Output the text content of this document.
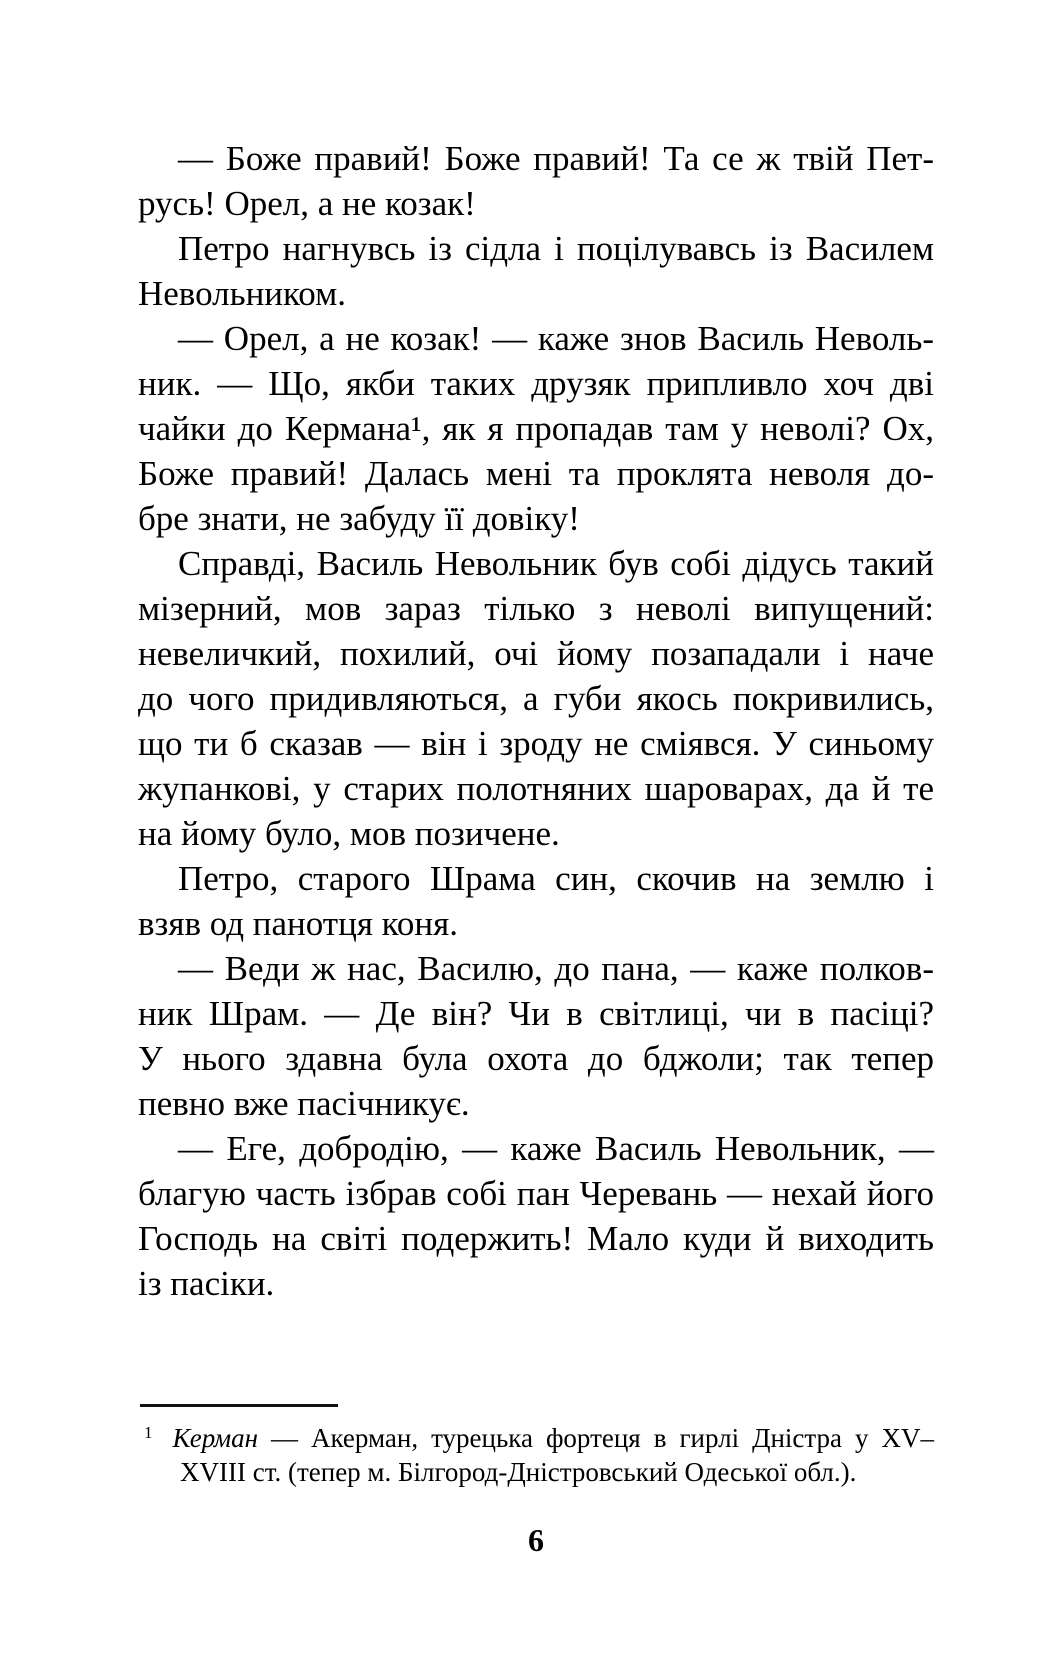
— Боже правий! Боже правий! Та се ж твій Пет-
русь! Орел, а не козак!
Петро нагнувсь із сідла і поцілувавсь із Василем
Невольником.
— Орел, а не козак! — каже знов Василь Неволь-
ник. — Що, якби таких друзяк припливло хоч дві
чайки до Кермана¹, як я пропадав там у неволі? Ох,
Боже правий! Далась мені та проклята неволя до-
бре знати, не забуду її довіку!
Справді, Василь Невольник був собі дідусь такий
мізерний, мов зараз тілько з неволі випущений:
невеличкий, похилий, очі йому позападали і наче
до чого придивляються, а губи якось покривились,
що ти б сказав — він і зроду не сміявся. У синьому
жупанкові, у старих полотняних шароварах, да й те
на йому було, мов позичене.
Петро, старого Шрама син, скочив на землю і
взяв од панотця коня.
— Веди ж нас, Василю, до пана, — каже полков-
ник Шрам. — Де він? Чи в світлиці, чи в пасіці?
У нього здавна була охота до бджоли; так тепер
певно вже пасічникує.
— Еге, добродію, — каже Василь Невольник, —
благую часть ізбрав собі пан Черевань — нехай його
Господь на світі подержить! Мало куди й виходить
із пасіки.
$^1$ Керман — Акерман, турецька фортеця в гирлі Дністра у XV–
XVIII ст. (тепер м. Білгород-Дністровський Одеської обл.).
6
